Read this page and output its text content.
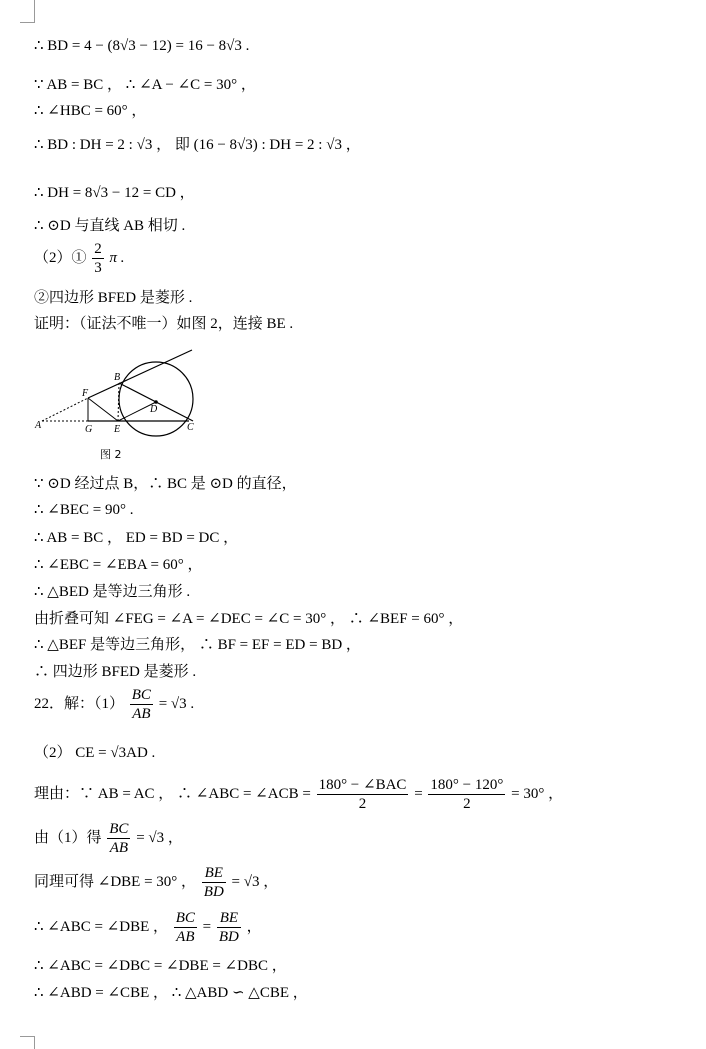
∴ BD = 4 − (8√3 − 12) = 16 − 8√3 .
∵ AB = BC ， ∴ ∠A − ∠C = 30° ，
∴ ∠HBC = 60° ，
∴ BD : DH = 2 : √3 ， 即 (16 − 8√3) : DH = 2 : √3 ，
∴ DH = 8√3 − 12 = CD ，
∴ ⊙D 与直线 AB 相切 .
（2）① $\frac{2}{3}$ π .
②四边形 BFED 是菱形 .
证明：（证法不唯一）如图 2，连接 BE .
A
B
C
D
E
F
G
图 2
∵ ⊙D 经过点 B，∴ BC 是 ⊙D 的直径，
∴ ∠BEC = 90° .
∴ AB = BC ， ED = BD = DC ，
∴ ∠EBC = ∠EBA = 60° ，
∴ △BED 是等边三角形 .
由折叠可知 ∠FEG = ∠A = ∠DEC = ∠C = 30° ， ∴ ∠BEF = 60° ，
∴ △BEF 是等边三角形， ∴ BF = EF = ED = BD ，
∴ 四边形 BFED 是菱形 .
22．解：$(1) \frac{BC}{AB} = √3$ .
（2） CE = √3AD .
理由：∵ AB = AC ， ∴ ∠ABC = ∠ACB = $\frac{\text{180° − ∠BAC}}{2} = \frac{180^\circ - 120^\circ}{2} = 30^\circ$ ，
由（1）得 $\frac{BC}{AB} = √3$ ，
同理可得 ∠DBE = 30° ， $\frac{BE}{BD} = √3$ ，
∴ ∠ABC = ∠DBE ， $\frac{BC}{AB} = \frac{BE}{BD}$ ，
∴ ∠ABC = ∠DBC = ∠DBE = ∠DBC ，
∴ ∠ABD = ∠CBE ， ∴ △ABD ∽ △CBE ，
